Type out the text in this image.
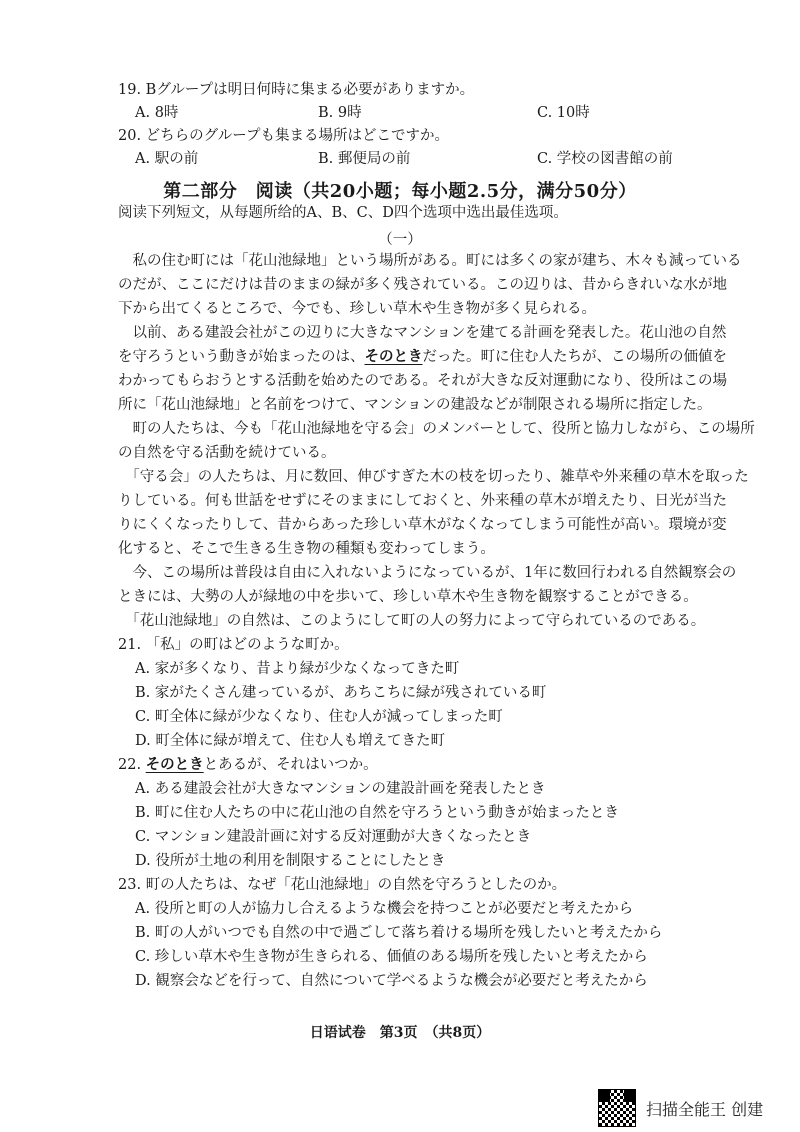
19. Bグループは明日何時に集まる必要がありますか。
A. 8時	B. 9時	C. 10時
20. どちらのグループも集まる場所はどこですか。
A. 駅の前	B. 郵便局の前	C. 学校の図書館の前
第二部分　阅读（共20小题；每小题2.5分，满分50分）
阅读下列短文，从每题所给的A、B、C、D四个选项中选出最佳选项。
（一）
　私の住む町には「花山池緑地」という場所がある。町には多くの家が建ち、木々も減っている
のだが、ここにだけは昔のままの緑が多く残されている。この辺りは、昔からきれいな水が地
下から出てくるところで、今でも、珍しい草木や生き物が多く見られる。
　以前、ある建設会社がこの辺りに大きなマンションを建てる計画を発表した。花山池の自然
を守ろうという動きが始まったのは、そのときだった。町に住む人たちが、この場所の価値を
わかってもらおうとする活動を始めたのである。それが大きな反対運動になり、役所はこの場
所に「花山池緑地」と名前をつけて、マンションの建設などが制限される場所に指定した。
　町の人たちは、今も「花山池緑地を守る会」のメンバーとして、役所と協力しながら、この場所
の自然を守る活動を続けている。
　「守る会」の人たちは、月に数回、伸びすぎた木の枝を切ったり、雑草や外来種の草木を取った
りしている。何も世話をせずにそのままにしておくと、外来種の草木が増えたり、日光が当た
りにくくなったりして、昔からあった珍しい草木がなくなってしまう可能性が高い。環境が変
化すると、そこで生きる生き物の種類も変わってしまう。
　今、この場所は普段は自由に入れないようになっているが、1年に数回行われる自然観察会の
ときには、大勢の人が緑地の中を歩いて、珍しい草木や生き物を観察することができる。
　「花山池緑地」の自然は、このようにして町の人の努力によって守られているのである。
21. 「私」の町はどのような町か。
A. 家が多くなり、昔より緑が少なくなってきた町
B. 家がたくさん建っているが、あちこちに緑が残されている町
C. 町全体に緑が少なくなり、住む人が減ってしまった町
D. 町全体に緑が増えて、住む人も増えてきた町
22. そのときとあるが、それはいつか。
A. ある建設会社が大きなマンションの建設計画を発表したとき
B. 町に住む人たちの中に花山池の自然を守ろうという動きが始まったとき
C. マンション建設計画に対する反対運動が大きくなったとき
D. 役所が土地の利用を制限することにしたとき
23. 町の人たちは、なぜ「花山池緑地」の自然を守ろうとしたのか。
A. 役所と町の人が協力し合えるような機会を持つことが必要だと考えたから
B. 町の人がいつでも自然の中で過ごして落ち着ける場所を残したいと考えたから
C. 珍しい草木や生き物が生きられる、価値のある場所を残したいと考えたから
D. 観察会などを行って、自然について学べるような機会が必要だと考えたから
日语试卷　第3页　（共8页）
扫描全能王 创建
